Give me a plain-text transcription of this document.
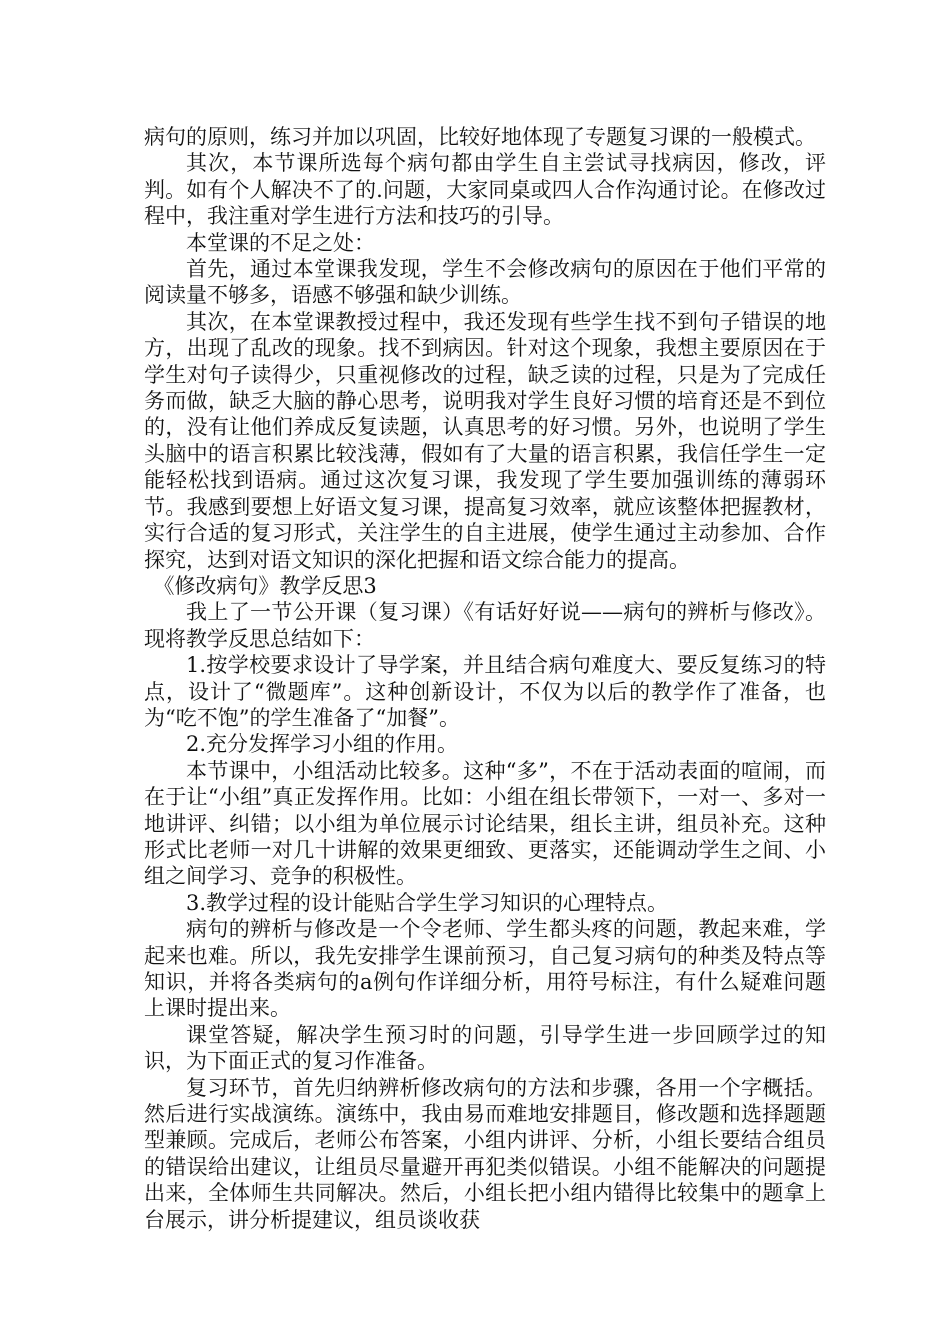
病句的原则，练习并加以巩固，比较好地体现了专题复习课的一般模式。

其次，本节课所选每个病句都由学生自主尝试寻找病因，修改，评判。如有个人解决不了的.问题，大家同桌或四人合作沟通讨论。在修改过程中，我注重对学生进行方法和技巧的引导。

本堂课的不足之处：

首先，通过本堂课我发现，学生不会修改病句的原因在于他们平常的阅读量不够多，语感不够强和缺少训练。

其次，在本堂课教授过程中，我还发现有些学生找不到句子错误的地方，出现了乱改的现象。找不到病因。针对这个现象，我想主要原因在于学生对句子读得少，只重视修改的过程，缺乏读的过程，只是为了完成任务而做，缺乏大脑的静心思考，说明我对学生良好习惯的培育还是不到位的，没有让他们养成反复读题，认真思考的好习惯。另外，也说明了学生头脑中的语言积累比较浅薄，假如有了大量的语言积累，我信任学生一定能轻松找到语病。通过这次复习课，我发现了学生要加强训练的薄弱环节。我感到要想上好语文复习课，提高复习效率，就应该整体把握教材，实行合适的复习形式，关注学生的自主进展，使学生通过主动参加、合作探究，达到对语文知识的深化把握和语文综合能力的提高。

《修改病句》教学反思3

我上了一节公开课（复习课）《有话好好说——病句的辨析与修改》。现将教学反思总结如下：

1.按学校要求设计了导学案，并且结合病句难度大、要反复练习的特点，设计了“微题库”。这种创新设计，不仅为以后的教学作了准备，也为“吃不饱”的学生准备了“加餐”。

2.充分发挥学习小组的作用。

本节课中，小组活动比较多。这种“多”，不在于活动表面的喧闹，而在于让“小组”真正发挥作用。比如：小组在组长带领下，一对一、多对一地讲评、纠错；以小组为单位展示讨论结果，组长主讲，组员补充。这种形式比老师一对几十讲解的效果更细致、更落实，还能调动学生之间、小组之间学习、竞争的积极性。

3.教学过程的设计能贴合学生学习知识的心理特点。

病句的辨析与修改是一个令老师、学生都头疼的问题，教起来难，学起来也难。所以，我先安排学生课前预习，自己复习病句的种类及特点等知识，并将各类病句的a例句作详细分析，用符号标注，有什么疑难问题上课时提出来。

课堂答疑，解决学生预习时的问题，引导学生进一步回顾学过的知识，为下面正式的复习作准备。

复习环节，首先归纳辨析修改病句的方法和步骤，各用一个字概括。然后进行实战演练。演练中，我由易而难地安排题目，修改题和选择题题型兼顾。完成后，老师公布答案，小组内讲评、分析，小组长要结合组员的错误给出建议，让组员尽量避开再犯类似错误。小组不能解决的问题提出来，全体师生共同解决。然后，小组长把小组内错得比较集中的题拿上台展示，讲分析提建议，组员谈收获
